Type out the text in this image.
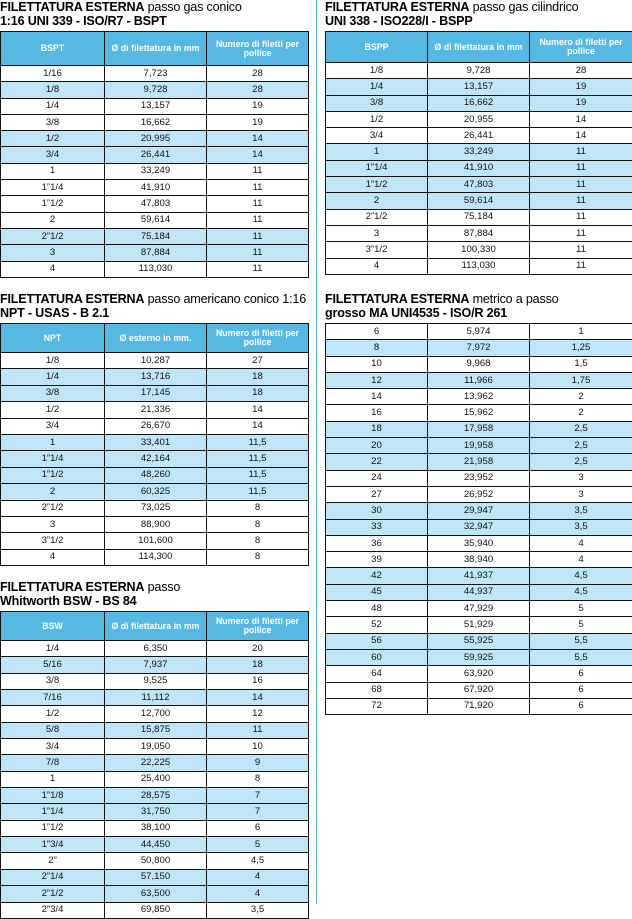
FILETTATURA ESTERNA passo gas conico
1:16 UNI 339 - ISO/R7 - BSPT
BSPT	Ø di filettatura in mm	Numero di filetti per pollice
1/16	7,723	28
1/8	9,728	28
1/4	13,157	19
3/8	16,662	19
1/2	20,995	14
3/4	26,441	14
1	33,249	11
1”1/4	41,910	11
1”1/2	47,803	11
2	59,614	11
2”1/2	75,184	11
3	87,884	11
4	113,030	11
FILETTATURA ESTERNA passo gas cilindrico
UNI 338 - ISO228/I - BSPP
BSPP	Ø di filettatura in mm	Numero di filetti per pollice
1/8	9,728	28
1/4	13,157	19
3/8	16,662	19
1/2	20,955	14
3/4	26,441	14
1	33,249	11
1”1/4	41,910	11
1”1/2	47,803	11
2	59,614	11
2”1/2	75,184	11
3	87,884	11
3”1/2	100,330	11
4	113,030	11
FILETTATURA ESTERNA passo americano conico 1:16
NPT - USAS - B 2.1
NPT	Ø esterno in mm.	Numero di filetti per pollice
1/8	10,287	27
1/4	13,716	18
3/8	17,145	18
1/2	21,336	14
3/4	26,670	14
1	33,401	11,5
1”1/4	42,164	11,5
1”1/2	48,260	11,5
2	60,325	11,5
2”1/2	73,025	8
3	88,900	8
3”1/2	101,600	8
4	114,300	8
FILETTATURA ESTERNA passo
Whitworth BSW - BS 84
BSW	Ø di filettatura in mm	Numero di filetti per pollice
1/4	6,350	20
5/16	7,937	18
3/8	9,525	16
7/16	11,112	14
1/2	12,700	12
5/8	15,875	11
3/4	19,050	10
7/8	22,225	9
1	25,400	8
1”1/8	28,575	7
1”1/4	31,750	7
1”1/2	38,100	6
1”3/4	44,450	5
2”	50,800	4,5
2”1/4	57,150	4
2”1/2	63,500	4
2”3/4	69,850	3,5
FILETTATURA ESTERNA metrico a passo
grosso MA UNI4535 - ISO/R 261
6	5,974	1
8	7,972	1,25
10	9,968	1,5
12	11,966	1,75
14	13,962	2
16	15,962	2
18	17,958	2,5
20	19,958	2,5
22	21,958	2,5
24	23,952	3
27	26,952	3
30	29,947	3,5
33	32,947	3,5
36	35,940	4
39	38,940	4
42	41,937	4,5
45	44,937	4,5
48	47,929	5
52	51,929	5
56	55,925	5,5
60	59,925	5,5
64	63,920	6
68	67,920	6
72	71,920	6
